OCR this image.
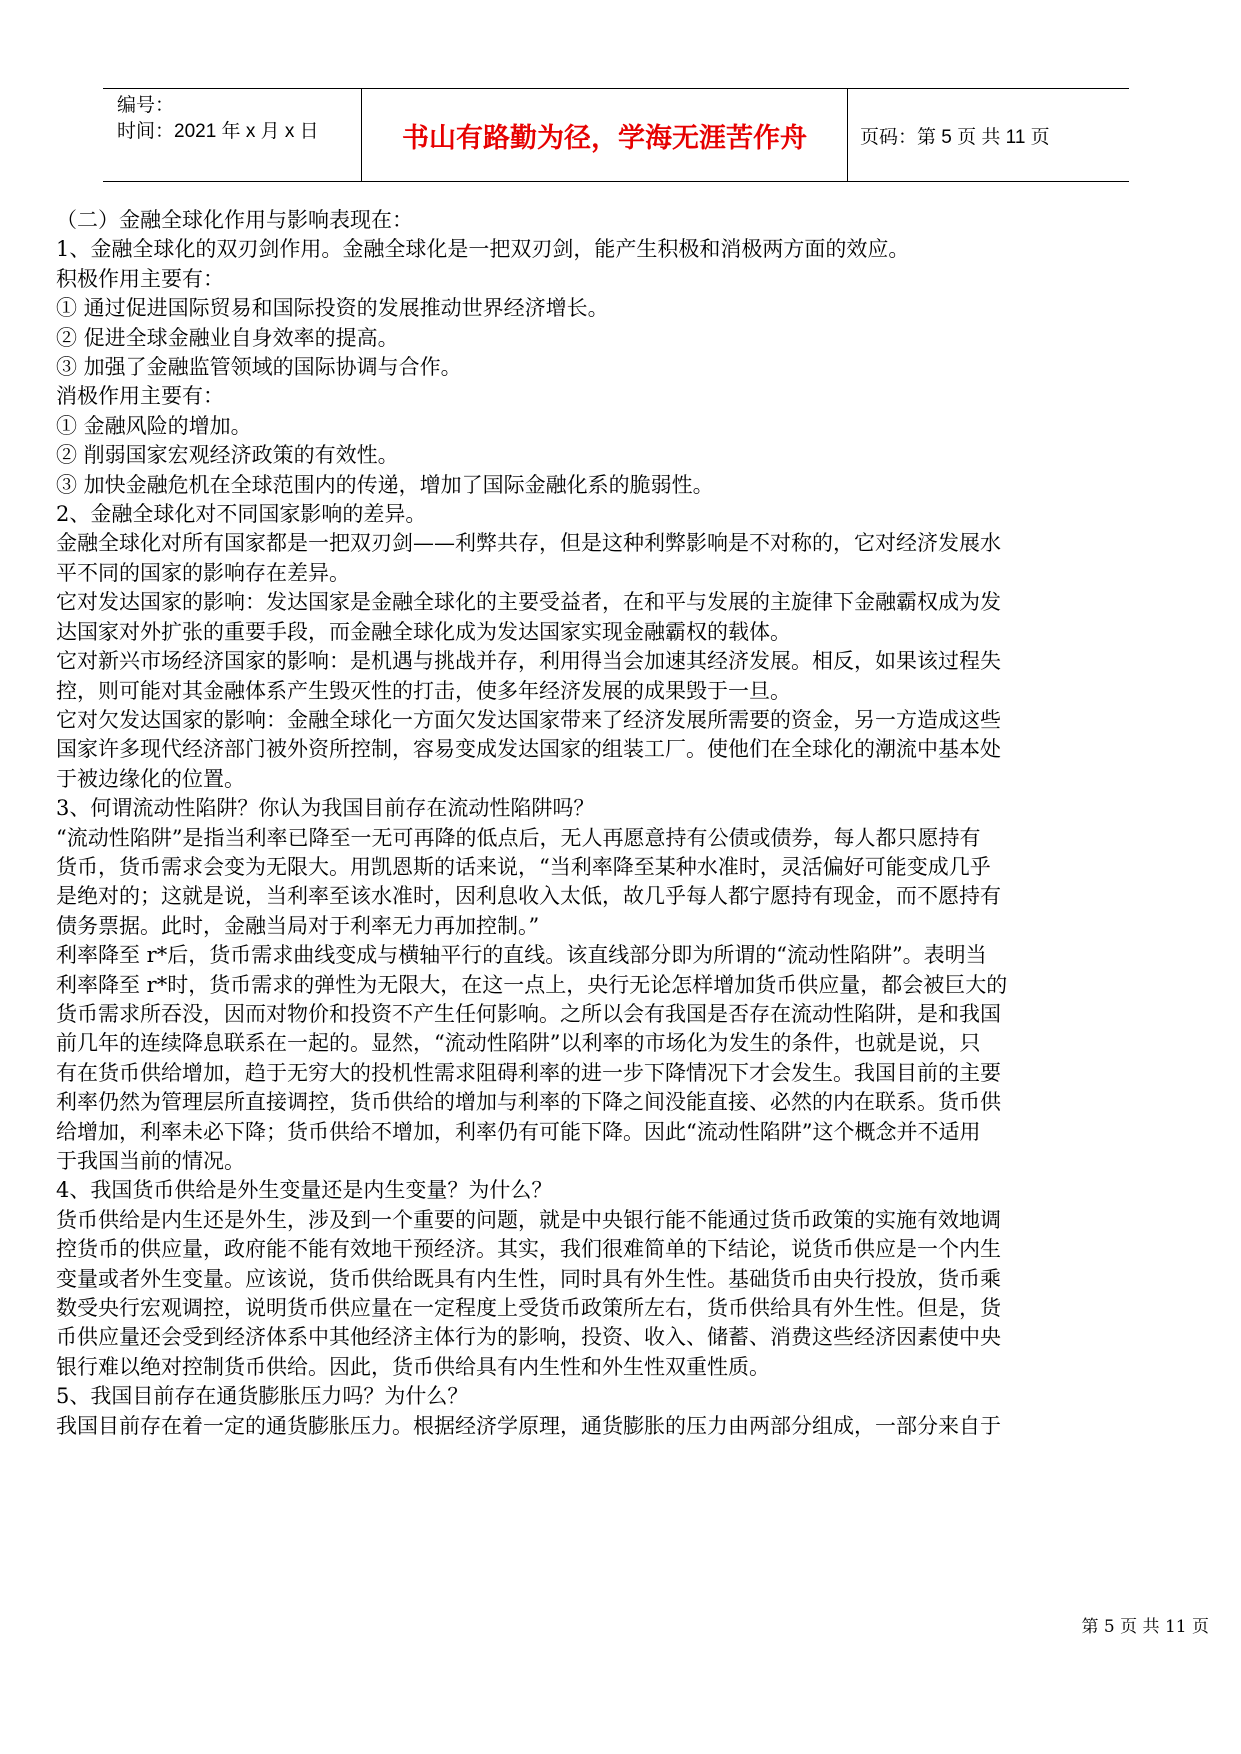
编号：
时间：2021 年 x 月 x 日	书山有路勤为径，学海无涯苦作舟	页码：第 5 页 共 11 页

（二）金融全球化作用与影响表现在：

1、金融全球化的双刃剑作用。金融全球化是一把双刃剑，能产生积极和消极两方面的效应。

积极作用主要有：

① 通过促进国际贸易和国际投资的发展推动世界经济增长。

② 促进全球金融业自身效率的提高。

③ 加强了金融监管领域的国际协调与合作。

消极作用主要有：

① 金融风险的增加。

② 削弱国家宏观经济政策的有效性。

③ 加快金融危机在全球范围内的传递，增加了国际金融化系的脆弱性。

2、金融全球化对不同国家影响的差异。

金融全球化对所有国家都是一把双刃剑——利弊共存，但是这种利弊影响是不对称的，它对经济发展水

平不同的国家的影响存在差异。

它对发达国家的影响：发达国家是金融全球化的主要受益者，在和平与发展的主旋律下金融霸权成为发

达国家对外扩张的重要手段，而金融全球化成为发达国家实现金融霸权的载体。

它对新兴市场经济国家的影响：是机遇与挑战并存，利用得当会加速其经济发展。相反，如果该过程失

控，则可能对其金融体系产生毁灭性的打击，使多年经济发展的成果毁于一旦。

它对欠发达国家的影响：金融全球化一方面欠发达国家带来了经济发展所需要的资金，另一方造成这些

国家许多现代经济部门被外资所控制，容易变成发达国家的组装工厂。使他们在全球化的潮流中基本处

于被边缘化的位置。

3、何谓流动性陷阱？你认为我国目前存在流动性陷阱吗？

“流动性陷阱”是指当利率已降至一无可再降的低点后，无人再愿意持有公债或债券，每人都只愿持有

货币，货币需求会变为无限大。用凯恩斯的话来说，“当利率降至某种水准时，灵活偏好可能变成几乎

是绝对的；这就是说，当利率至该水准时，因利息收入太低，故几乎每人都宁愿持有现金，而不愿持有

债务票据。此时，金融当局对于利率无力再加控制。”

利率降至 r*后，货币需求曲线变成与横轴平行的直线。该直线部分即为所谓的“流动性陷阱”。表明当

利率降至 r*时，货币需求的弹性为无限大，在这一点上，央行无论怎样增加货币供应量，都会被巨大的

货币需求所吞没，因而对物价和投资不产生任何影响。之所以会有我国是否存在流动性陷阱，是和我国

前几年的连续降息联系在一起的。显然，“流动性陷阱”以利率的市场化为发生的条件，也就是说，只

有在货币供给增加，趋于无穷大的投机性需求阻碍利率的进一步下降情况下才会发生。我国目前的主要

利率仍然为管理层所直接调控，货币供给的增加与利率的下降之间没能直接、必然的内在联系。货币供

给增加，利率未必下降；货币供给不增加，利率仍有可能下降。因此“流动性陷阱”这个概念并不适用

于我国当前的情况。

4、我国货币供给是外生变量还是内生变量？为什么？

货币供给是内生还是外生，涉及到一个重要的问题，就是中央银行能不能通过货币政策的实施有效地调

控货币的供应量，政府能不能有效地干预经济。其实，我们很难简单的下结论，说货币供应是一个内生

变量或者外生变量。应该说，货币供给既具有内生性，同时具有外生性。基础货币由央行投放，货币乘

数受央行宏观调控，说明货币供应量在一定程度上受货币政策所左右，货币供给具有外生性。但是，货

币供应量还会受到经济体系中其他经济主体行为的影响，投资、收入、储蓄、消费这些经济因素使中央

银行难以绝对控制货币供给。因此，货币供给具有内生性和外生性双重性质。

5、我国目前存在通货膨胀压力吗？为什么？

我国目前存在着一定的通货膨胀压力。根据经济学原理，通货膨胀的压力由两部分组成，一部分来自于

第 5 页 共 11 页
